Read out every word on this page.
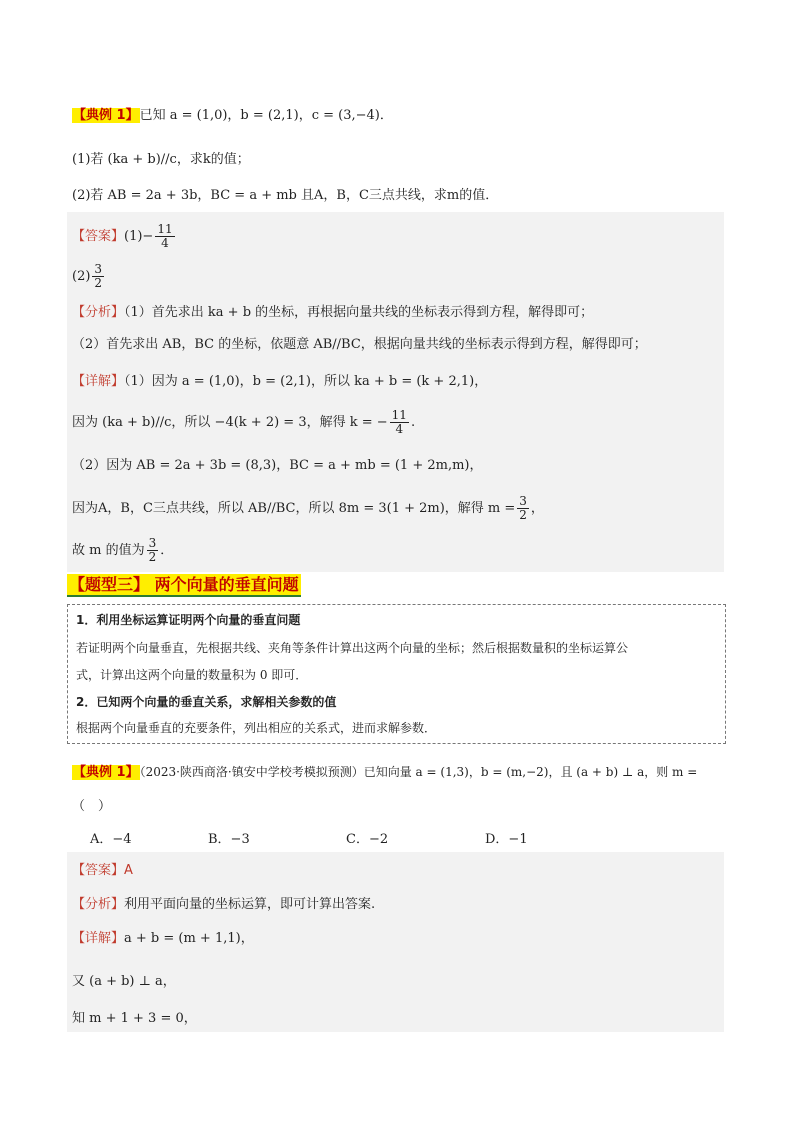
【典例 1】已知 a = (1,0)，b = (2,1)，c = (3,−4)．
(1)若 (ka + b)//c，求k的值；
(2)若 AB = 2a + 3b，BC = a + mb 且A，B，C三点共线，求m的值．
【答案】$(1)- \frac{11}{4}$
$(2) \frac{3}{2}$
【分析】（1）首先求出 ka + b 的坐标，再根据向量共线的坐标表示得到方程，解得即可；
（2）首先求出 AB，BC 的坐标，依题意 AB//BC，根据向量共线的坐标表示得到方程，解得即可；
【详解】（1）因为 a = (1,0)，b = (2,1)，所以 ka + b = (k + 2,1)，
因为 (ka + b)//c，所以 −4(k + 2) = 3，解得 k = − $\frac{11}{4}$ .
（2）因为 AB = 2a + 3b = (8,3)，BC = a + mb = (1 + 2m,m)，
因为A，B，C三点共线，所以 AB//BC，所以 8m = 3(1 + 2m)，解得 $m = \frac{3}{2}$ ，
故 m 的值为 $\frac{3}{2}$ ．
【题型三】 两个向量的垂直问题
1．利用坐标运算证明两个向量的垂直问题
若证明两个向量垂直，先根据共线、夹角等条件计算出这两个向量的坐标；然后根据数量积的坐标运算公
式，计算出这两个向量的数量积为 0 即可．
2．已知两个向量的垂直关系，求解相关参数的值
根据两个向量垂直的充要条件，列出相应的关系式，进而求解参数．
【典例 1】（2023·陕西商洛·镇安中学校考模拟预测）已知向量 a = (1,3)，b = (m,−2)，且 (a + b) ⊥ a，则 m =
（　）
A．−4	B．−3	C．−2	D．−1
【答案】A
【分析】利用平面向量的坐标运算，即可计算出答案.
【详解】a + b = (m + 1,1)，
又 (a + b) ⊥ a，
知 m + 1 + 3 = 0，
